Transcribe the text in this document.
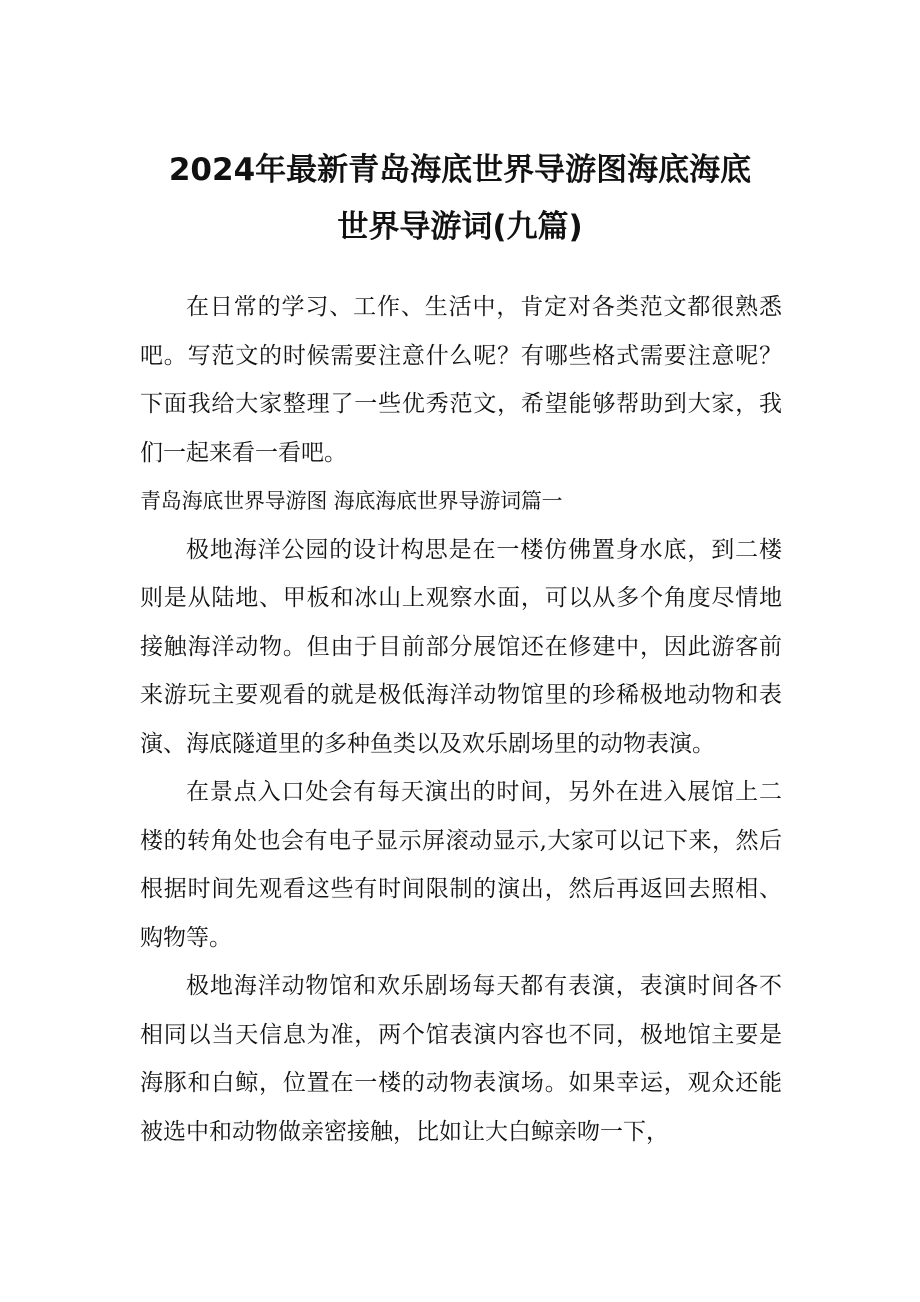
2024年最新青岛海底世界导游图海底海底
世界导游词(九篇)

在日常的学习、工作、生活中，肯定对各类范文都很熟悉吧。写范文的时候需要注意什么呢？有哪些格式需要注意呢？下面我给大家整理了一些优秀范文，希望能够帮助到大家，我们一起来看一看吧。

青岛海底世界导游图 海底海底世界导游词篇一

极地海洋公园的设计构思是在一楼仿佛置身水底，到二楼则是从陆地、甲板和冰山上观察水面，可以从多个角度尽情地接触海洋动物。但由于目前部分展馆还在修建中，因此游客前来游玩主要观看的就是极低海洋动物馆里的珍稀极地动物和表演、海底隧道里的多种鱼类以及欢乐剧场里的动物表演。

在景点入口处会有每天演出的时间，另外在进入展馆上二楼的转角处也会有电子显示屏滚动显示,大家可以记下来，然后根据时间先观看这些有时间限制的演出，然后再返回去照相、购物等。

极地海洋动物馆和欢乐剧场每天都有表演，表演时间各不相同以当天信息为准，两个馆表演内容也不同，极地馆主要是海豚和白鲸，位置在一楼的动物表演场。如果幸运，观众还能被选中和动物做亲密接触，比如让大白鲸亲吻一下，
